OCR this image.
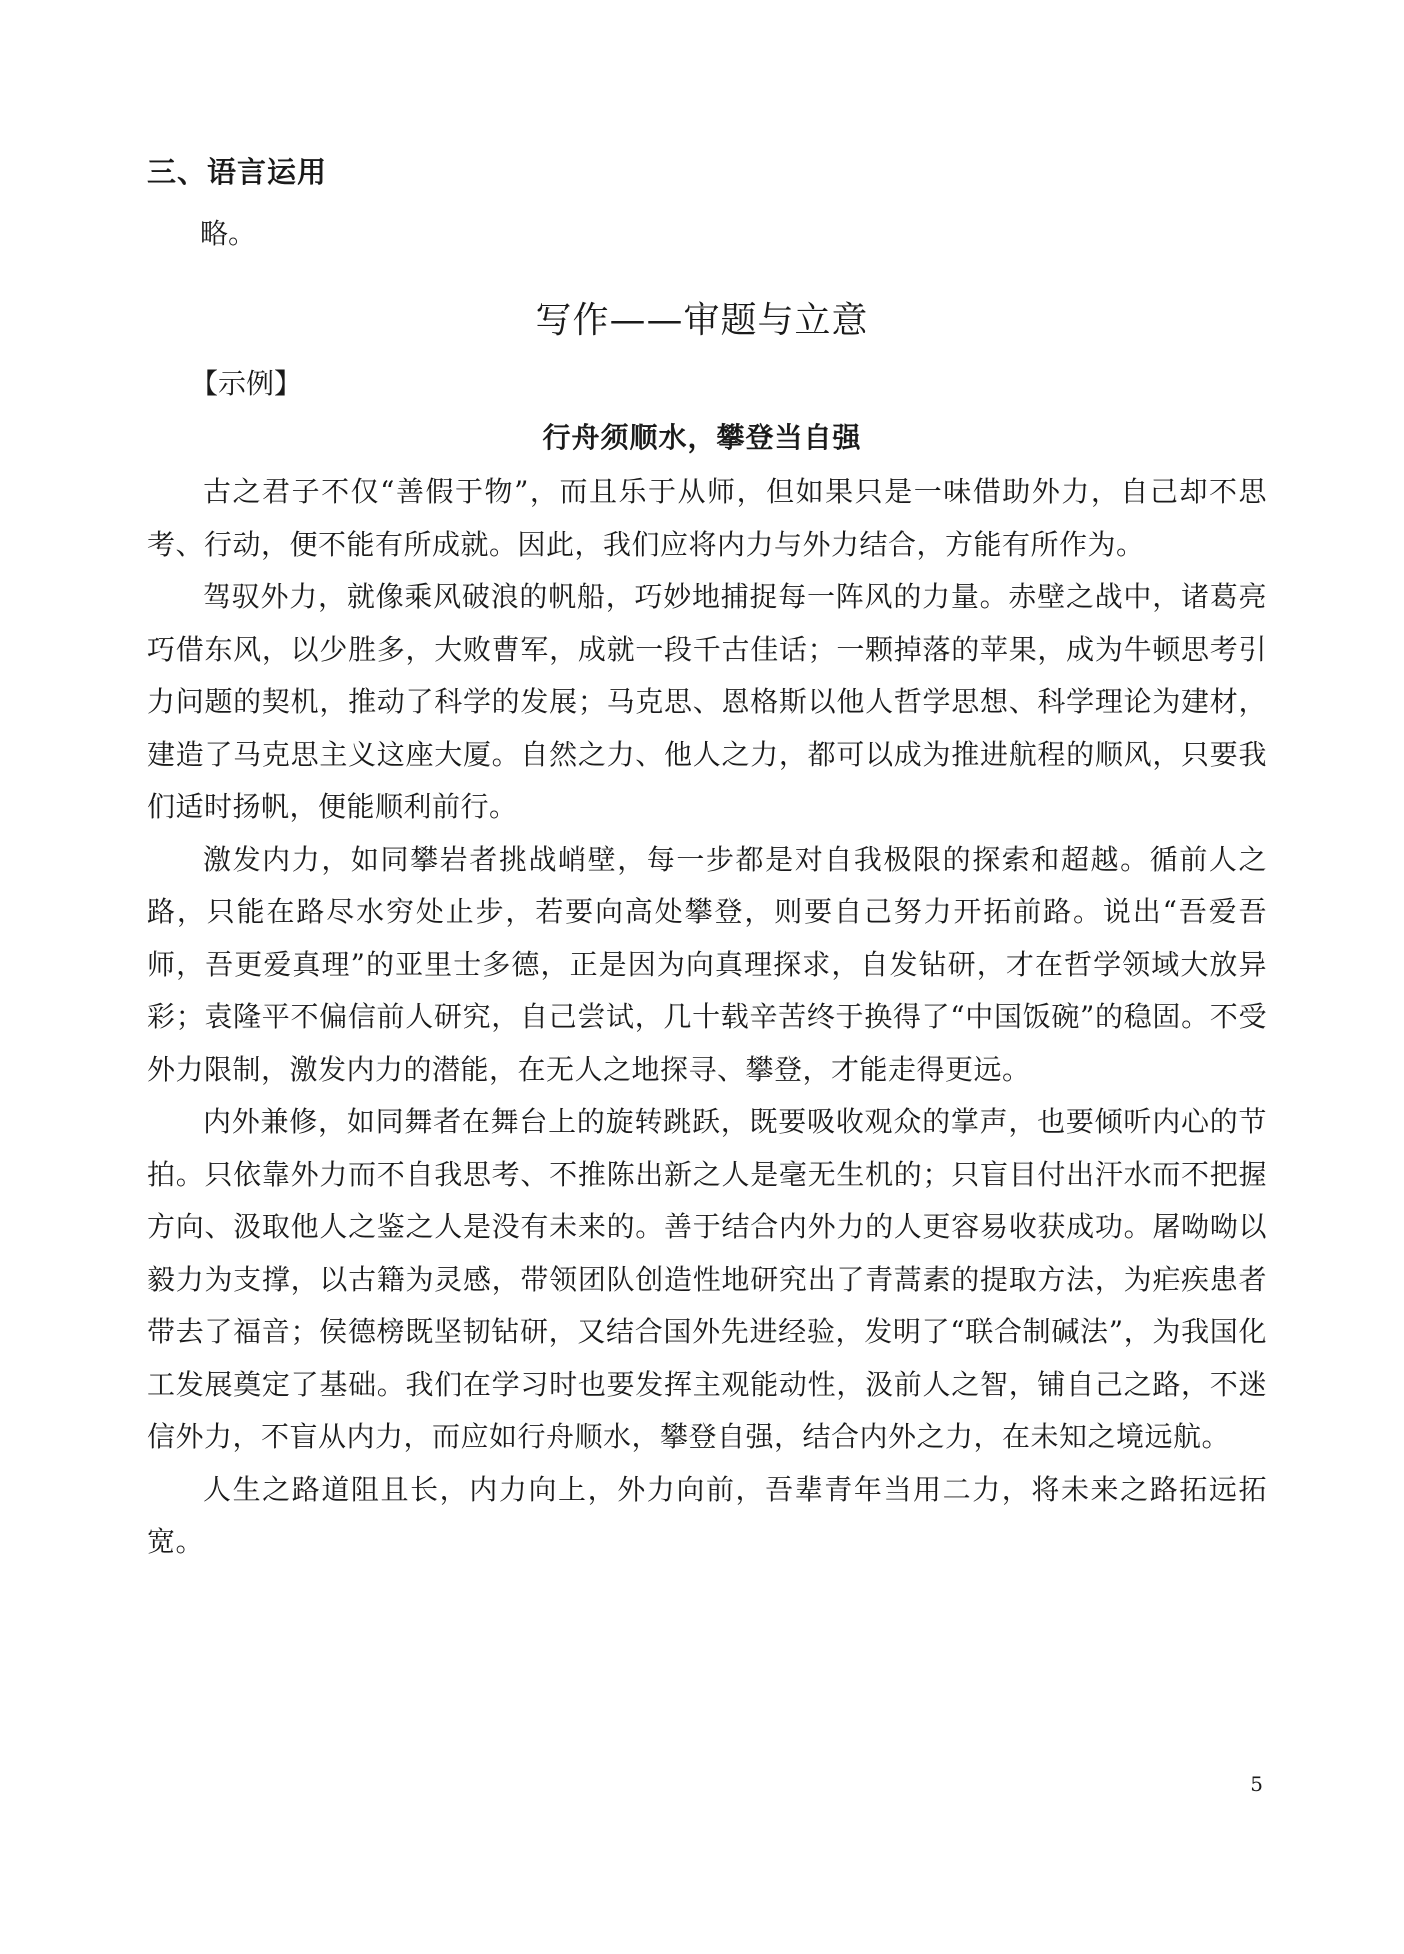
三、语言运用

略。

写作——审题与立意

【示例】

行舟须顺水，攀登当自强

古之君子不仅“善假于物”，而且乐于从师，但如果只是一味借助外力，自己却不思考、行动，便不能有所成就。因此，我们应将内力与外力结合，方能有所作为。

驾驭外力，就像乘风破浪的帆船，巧妙地捕捉每一阵风的力量。赤壁之战中，诸葛亮巧借东风，以少胜多，大败曹军，成就一段千古佳话；一颗掉落的苹果，成为牛顿思考引力问题的契机，推动了科学的发展；马克思、恩格斯以他人哲学思想、科学理论为建材，建造了马克思主义这座大厦。自然之力、他人之力，都可以成为推进航程的顺风，只要我们适时扬帆，便能顺利前行。

激发内力，如同攀岩者挑战峭壁，每一步都是对自我极限的探索和超越。循前人之路，只能在路尽水穷处止步，若要向高处攀登，则要自己努力开拓前路。说出“吾爱吾师，吾更爱真理”的亚里士多德，正是因为向真理探求，自发钻研，才在哲学领域大放异彩；袁隆平不偏信前人研究，自己尝试，几十载辛苦终于换得了“中国饭碗”的稳固。不受外力限制，激发内力的潜能，在无人之地探寻、攀登，才能走得更远。

内外兼修，如同舞者在舞台上的旋转跳跃，既要吸收观众的掌声，也要倾听内心的节拍。只依靠外力而不自我思考、不推陈出新之人是毫无生机的；只盲目付出汗水而不把握方向、汲取他人之鉴之人是没有未来的。善于结合内外力的人更容易收获成功。屠呦呦以毅力为支撑，以古籍为灵感，带领团队创造性地研究出了青蒿素的提取方法，为疟疾患者带去了福音；侯德榜既坚韧钻研，又结合国外先进经验，发明了“联合制碱法”，为我国化工发展奠定了基础。我们在学习时也要发挥主观能动性，汲前人之智，铺自己之路，不迷信外力，不盲从内力，而应如行舟顺水，攀登自强，结合内外之力，在未知之境远航。

人生之路道阻且长，内力向上，外力向前，吾辈青年当用二力，将未来之路拓远拓宽。

5
